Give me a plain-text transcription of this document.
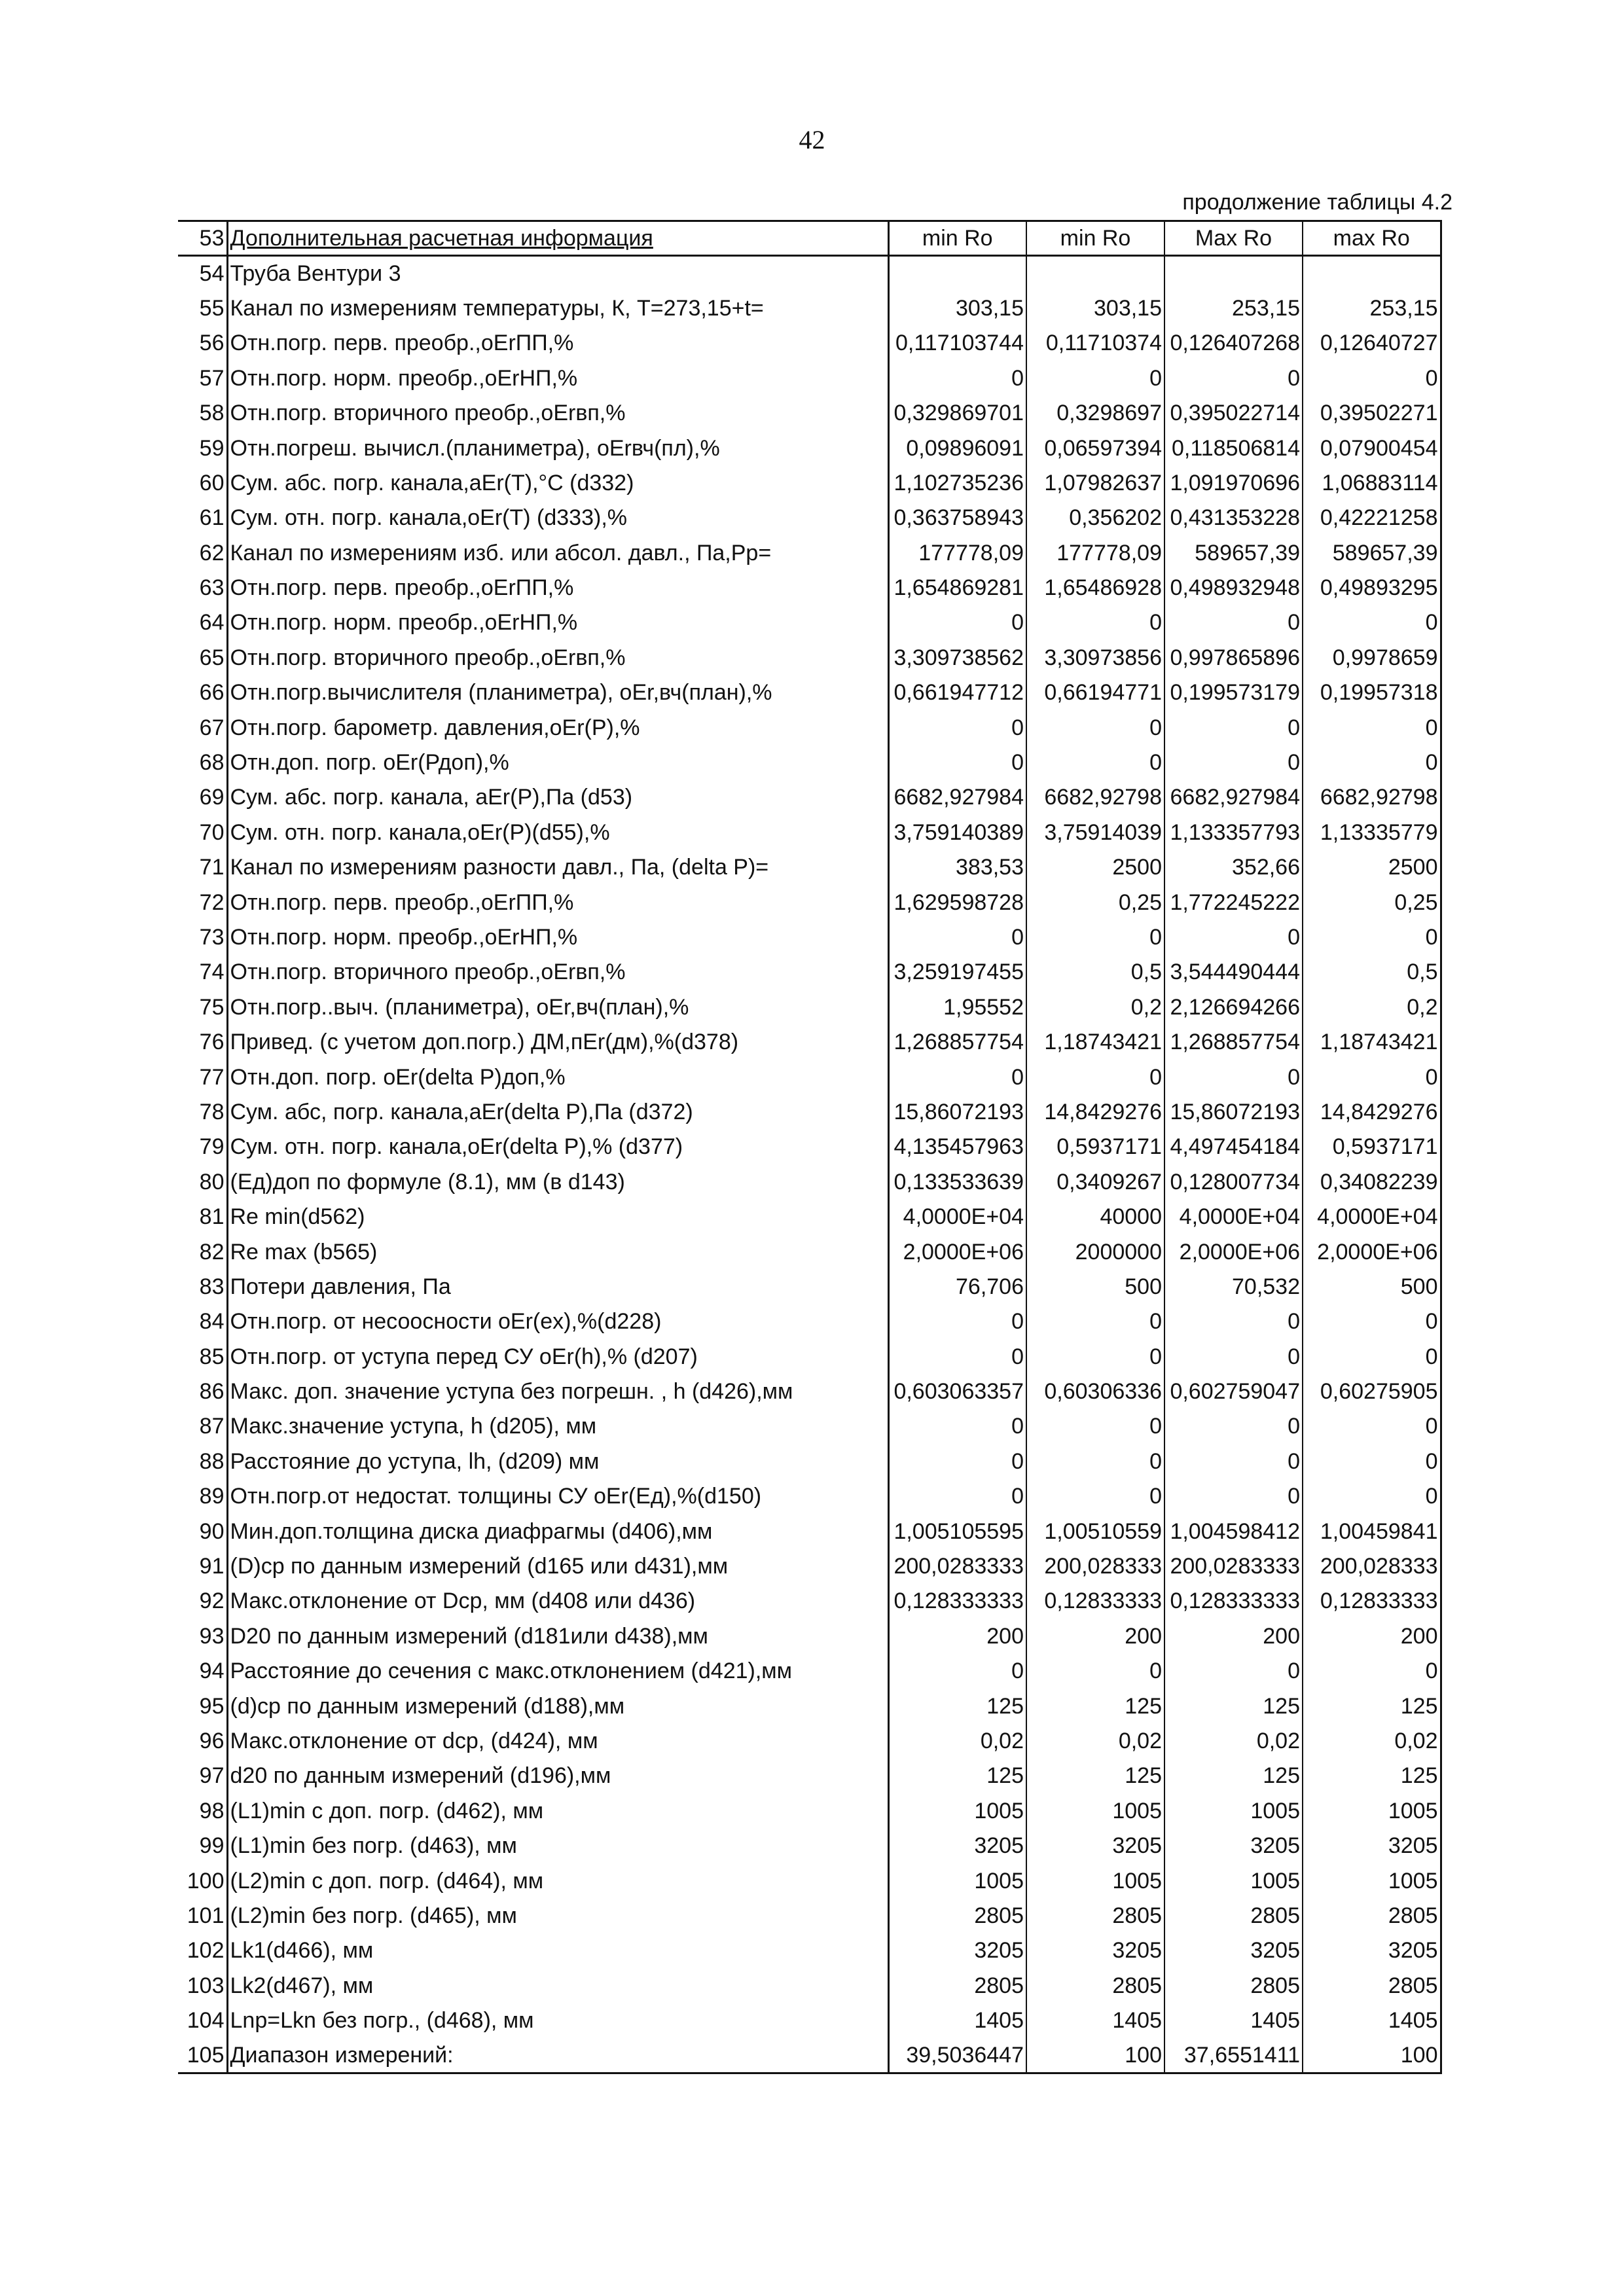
42
продолжение таблицы 4.2
53	Дополнительная расчетная информация	min Ro	min Ro	Max Ro	max Ro
54	Труба Вентури 3				
55	Канал по измерениям температуры, К, T=273,15+t=	303,15	303,15	253,15	253,15
56	Отн.погр. перв. преобр.,оЕrПП,%	0,117103744	0,11710374	0,126407268	0,12640727
57	Отн.погр. норм. преобр.,оЕrНП,%	0	0	0	0
58	Отн.погр. вторичного преобр.,оЕrвп,%	0,329869701	0,3298697	0,395022714	0,39502271
59	Отн.погреш. вычисл.(планиметра), оЕrвч(пл),%	0,09896091	0,06597394	0,118506814	0,07900454
60	Сум. абс. погр. канала,аЕr(T),°С (d332)	1,102735236	1,07982637	1,091970696	1,06883114
61	Сум. отн. погр. канала,оЕr(T) (d333),%	0,363758943	0,356202	0,431353228	0,42221258
62	Канал по измерениям изб. или абсол. давл., Па,Рр=	177778,09	177778,09	589657,39	589657,39
63	Отн.погр. перв. преобр.,оЕrПП,%	1,654869281	1,65486928	0,498932948	0,49893295
64	Отн.погр. норм. преобр.,оЕrНП,%	0	0	0	0
65	Отн.погр. вторичного преобр.,оЕrвп,%	3,309738562	3,30973856	0,997865896	0,9978659
66	Отн.погр.вычислителя (планиметра), оЕr,вч(план),%	0,661947712	0,66194771	0,199573179	0,19957318
67	Отн.погр. барометр. давления,оЕr(P),%	0	0	0	0
68	Отн.доп. погр. оЕr(Рдоп),%	0	0	0	0
69	Сум. абс. погр. канала, аЕr(P),Па (d53)	6682,927984	6682,92798	6682,927984	6682,92798
70	Сум. отн. погр. канала,оЕr(P)(d55),%	3,759140389	3,75914039	1,133357793	1,13335779
71	Канал по измерениям разности давл., Па, (delta P)=	383,53	2500	352,66	2500
72	Отн.погр. перв. преобр.,оЕrПП,%	1,629598728	0,25	1,772245222	0,25
73	Отн.погр. норм. преобр.,оЕrНП,%	0	0	0	0
74	Отн.погр. вторичного преобр.,оЕrвп,%	3,259197455	0,5	3,544490444	0,5
75	Отн.погр..выч. (планиметра), оЕr,вч(план),%	1,95552	0,2	2,126694266	0,2
76	Привед. (с учетом доп.погр.) ДМ,пЕr(дм),%(d378)	1,268857754	1,18743421	1,268857754	1,18743421
77	Отн.доп. погр. оЕr(delta P)доп,%	0	0	0	0
78	Сум. абс, погр. канала,аЕr(delta P),Па (d372)	15,86072193	14,8429276	15,86072193	14,8429276
79	Сум. отн. погр. канала,оЕr(delta P),% (d377)	4,135457963	0,5937171	4,497454184	0,5937171
80	(Ед)доп по формуле (8.1), мм (в d143)	0,133533639	0,3409267	0,128007734	0,34082239
81	Re min(d562)	4,0000E+04	40000	4,0000E+04	4,0000E+04
82	Re max (b565)	2,0000E+06	2000000	2,0000E+06	2,0000E+06
83	Потери давления, Па	76,706	500	70,532	500
84	Отн.погр. от несоосности оЕr(ex),%(d228)	0	0	0	0
85	Отн.погр. от уступа перед СУ оЕr(h),% (d207)	0	0	0	0
86	Макс. доп. значение уступа без погрешн. , h (d426),мм	0,603063357	0,60306336	0,602759047	0,60275905
87	Макс.значение уступа, h (d205), мм	0	0	0	0
88	Расстояние до уступа, lh, (d209) мм	0	0	0	0
89	Отн.погр.от недостат. толщины СУ оЕr(Ед),%(d150)	0	0	0	0
90	Мин.доп.толщина диска диафрагмы (d406),мм	1,005105595	1,00510559	1,004598412	1,00459841
91	(D)ср по данным измерений (d165 или d431),мм	200,0283333	200,028333	200,0283333	200,028333
92	Макс.отклонение от Dср, мм (d408 или d436)	0,128333333	0,12833333	0,128333333	0,12833333
93	D20 по данным измерений (d181или d438),мм	200	200	200	200
94	Расстояние до сечения с макс.отклонением (d421),мм	0	0	0	0
95	(d)ср по данным измерений (d188),мм	125	125	125	125
96	Макс.отклонение от dср, (d424), мм	0,02	0,02	0,02	0,02
97	d20 по данным измерений (d196),мм	125	125	125	125
98	(L1)min с доп. погр. (d462), мм	1005	1005	1005	1005
99	(L1)min без погр. (d463), мм	3205	3205	3205	3205
100	(L2)min с доп. погр. (d464), мм	1005	1005	1005	1005
101	(L2)min без погр. (d465), мм	2805	2805	2805	2805
102	Lk1(d466), мм	3205	3205	3205	3205
103	Lk2(d467), мм	2805	2805	2805	2805
104	Lnp=Lkn без погр., (d468), мм	1405	1405	1405	1405
105	Диапазон измерений:	39,5036447	100	37,6551411	100
